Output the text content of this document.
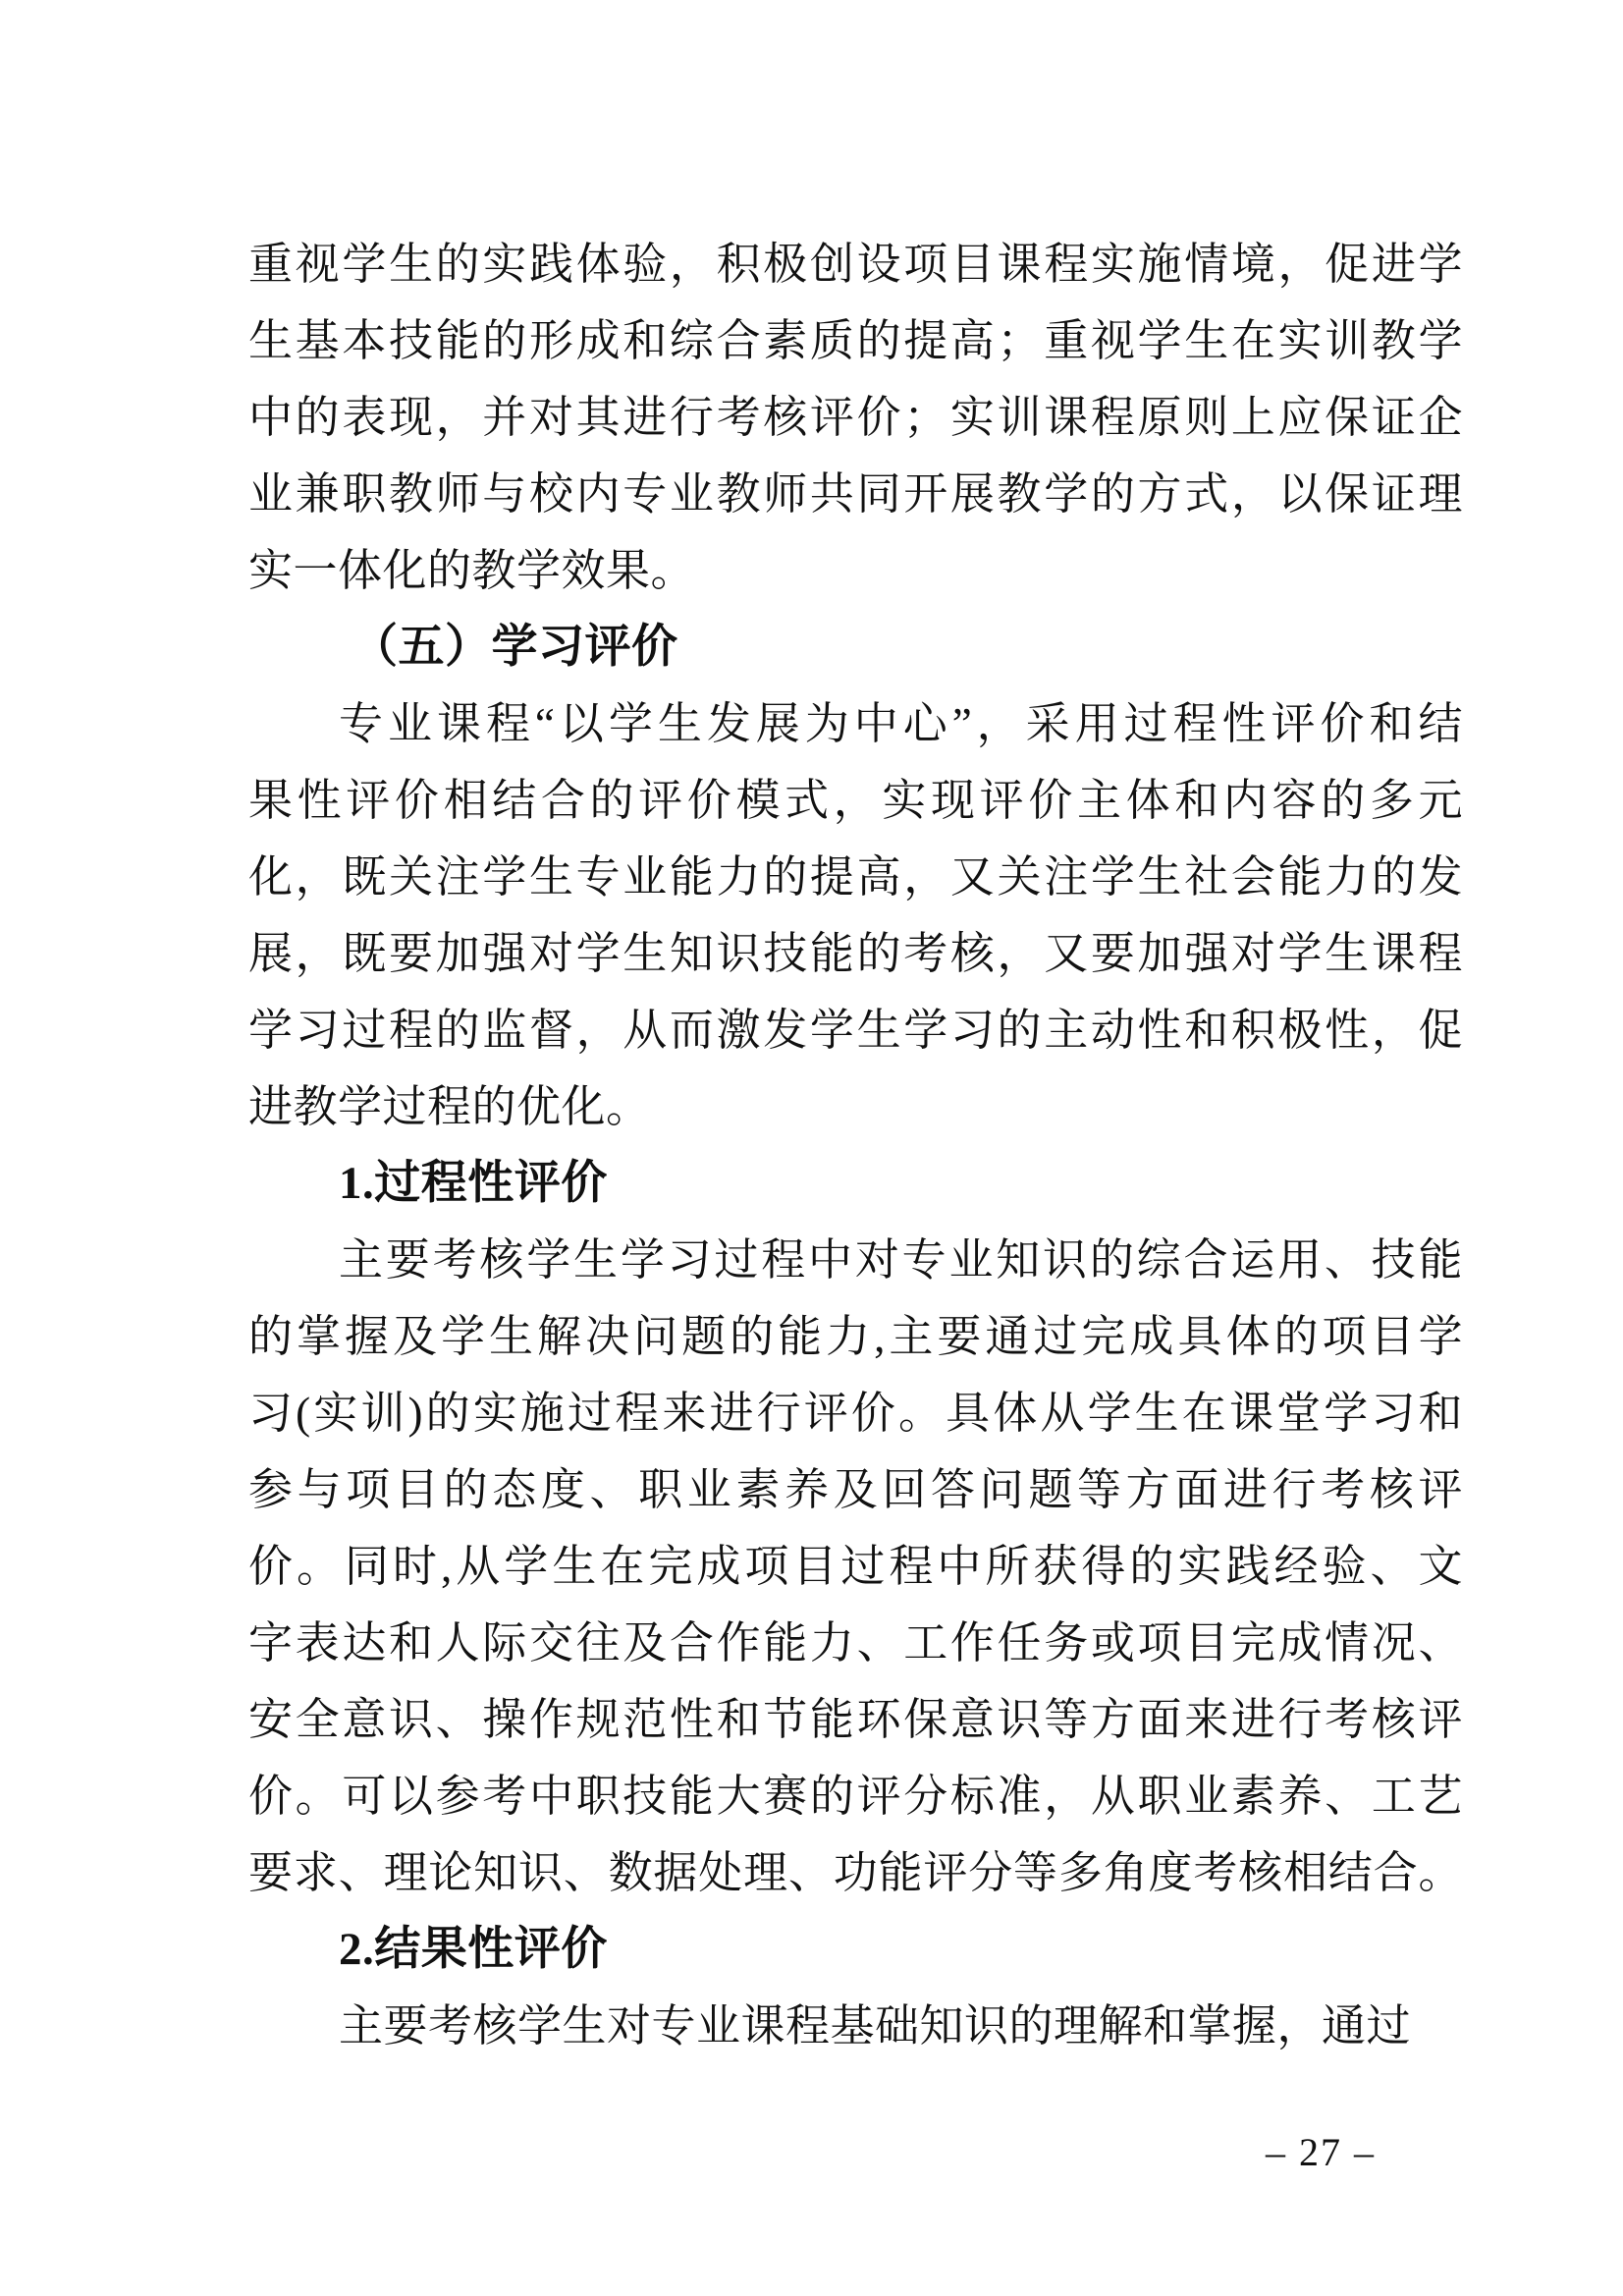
重视学生的实践体验，积极创设项目课程实施情境，促进学
生基本技能的形成和综合素质的提高；重视学生在实训教学
中的表现，并对其进行考核评价；实训课程原则上应保证企
业兼职教师与校内专业教师共同开展教学的方式，以保证理
实一体化的教学效果。
（五）学习评价
专业课程“以学生发展为中心”，采用过程性评价和结
果性评价相结合的评价模式，实现评价主体和内容的多元
化，既关注学生专业能力的提高，又关注学生社会能力的发
展，既要加强对学生知识技能的考核，又要加强对学生课程
学习过程的监督，从而激发学生学习的主动性和积极性，促
进教学过程的优化。
1.过程性评价
主要考核学生学习过程中对专业知识的综合运用、技能
的掌握及学生解决问题的能力,主要通过完成具体的项目学
习(实训)的实施过程来进行评价。具体从学生在课堂学习和
参与项目的态度、职业素养及回答问题等方面进行考核评
价。同时,从学生在完成项目过程中所获得的实践经验、文
字表达和人际交往及合作能力、工作任务或项目完成情况、
安全意识、操作规范性和节能环保意识等方面来进行考核评
价。可以参考中职技能大赛的评分标准，从职业素养、工艺
要求、理论知识、数据处理、功能评分等多角度考核相结合。
2.结果性评价
主要考核学生对专业课程基础知识的理解和掌握，通过
– 27 –
